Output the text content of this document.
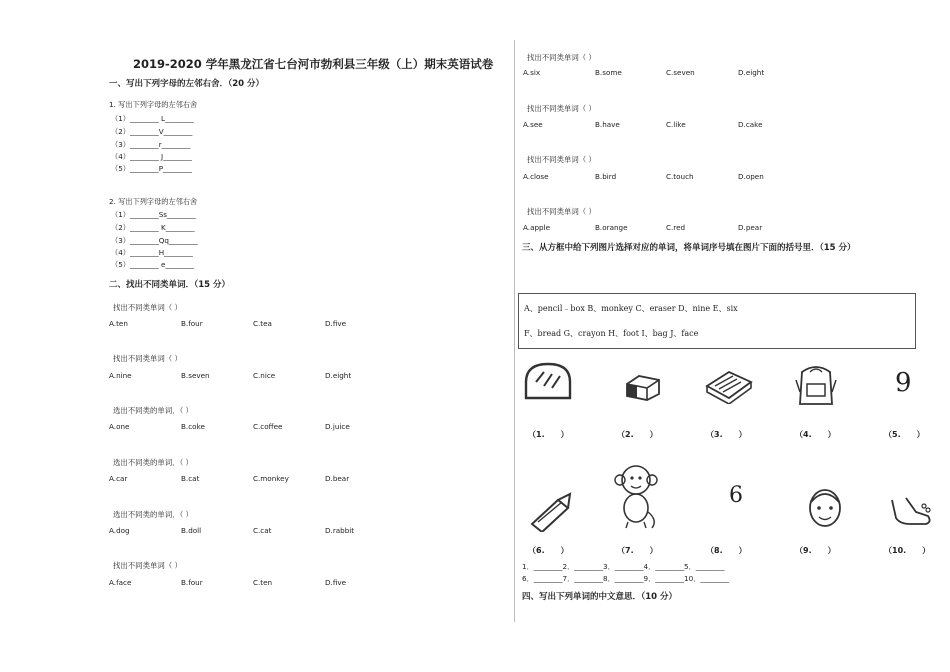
2019-2020 学年黑龙江省七台河市勃利县三年级（上）期末英语试卷
一、写出下列字母的左邻右舍．（20 分）
1. 写出下列字母的左邻右舍
（1）________ L________
（2）________V________
（3）________r________
（4）________ J________
（5）________P________
2. 写出下列字母的左邻右舍
（1）________Ss________
（2）________ K________
（3）________Qq________
（4）________H________
（5）________ e________
二、找出不同类单词．（15 分）
找出不同类单词（ ）
A.ten	B.four	C.tea	D.five
找出不同类单词（ ）
A.nine	B.seven	C.nice	D.eight
选出不同类的单词．（ ）
A.one	B.coke	C.coffee	D.juice
选出不同类的单词．（ ）
A.car	B.cat	C.monkey	D.bear
选出不同类的单词．（ ）
A.dog	B.doll	C.cat	D.rabbit
找出不同类单词（ ）
A.face	B.four	C.ten	D.five
找出不同类单词（ ）
A.six	B.some	C.seven	D.eight
找出不同类单词（ ）
A.see	B.have	C.like	D.cake
找出不同类单词（ ）
A.close	B.bird	C.touch	D.open
找出不同类单词（ ）
A.apple	B.orange	C.red	D.pear
三、从方框中给下列图片选择对应的单词，将单词序号填在图片下面的括号里．（15 分）
A、pencil﹣box B、monkey C、eraser D、nine E、six
F、bread G、crayon H、foot I、bag J、face
9
（1.　　）	（2.　　）	（3.　　）	（4.　　）	（5.　　）
6
（6.　　）	（7.　　）	（8.　　）	（9.　　）	（10.　　）
1．________2．________3．________4．________5．________
6．________7．________8．________9．________10．________
四、写出下列单词的中文意思．（10 分）
